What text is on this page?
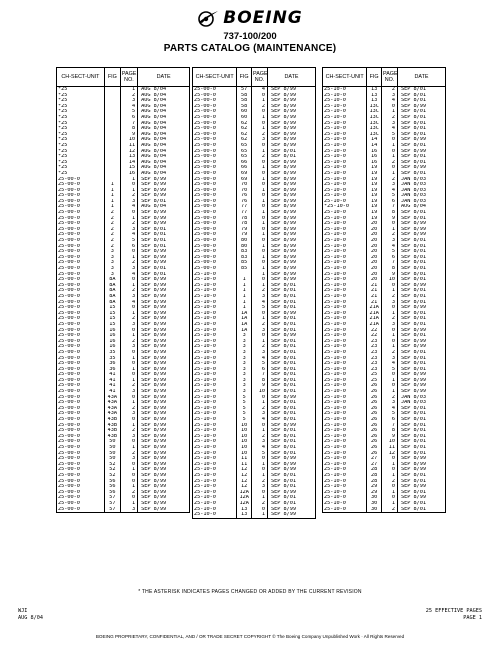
BOEING
737-100/200
PARTS CATALOG (MAINTENANCE)
CH-SECT-UNIT	FIG	PAGE NO.	DATE
*25		1	AUG 8/04
*25		2	AUG 8/04
*25		3	AUG 8/04
*25		4	AUG 8/04
*25		5	AUG 8/04
*25		6	AUG 8/04
*25		7	AUG 8/04
*25		8	AUG 8/04
*25		9	AUG 8/04
*25		10	AUG 8/04
*25		11	AUG 8/04
*25		12	AUG 8/04
*25		13	AUG 8/04
*25		14	AUG 8/04
*25		15	AUG 8/04
*25		16	AUG 8/04
25-00-0		1	SEP 8/99
25-00-0	1	0	SEP 8/99
25-00-0	1	1	SEP 8/99
25-00-0	1	2	SEP 8/99
25-00-0	1	3	SEP 8/01
25-00-0	1	4	AUG 8/04
25-00-0	2	0	SEP 8/99
25-00-0	2	1	SEP 8/99
25-00-0	2	2	SEP 8/99
25-00-0	2	3	SEP 8/01
25-00-0	2	4	SEP 8/01
25-00-0	2	5	SEP 8/01
25-00-0	2	6	SEP 8/01
25-00-0	3	0	SEP 8/99
25-00-0	3	1	SEP 8/99
25-00-0	3	2	SEP 8/99
25-00-0	3	3	SEP 8/01
25-00-0	3	4	SEP 8/01
25-00-0	8A	0	SEP 8/99
25-00-0	8A	1	SEP 8/99
25-00-0	8A	2	SEP 8/99
25-00-0	8A	3	SEP 8/99
25-00-0	8A	4	SEP 8/99
25-00-0	15	0	SEP 8/99
25-00-0	15	1	SEP 8/99
25-00-0	15	2	SEP 8/99
25-00-0	15	3	SEP 8/99
25-00-0	16	0	SEP 8/99
25-00-0	16	1	SEP 8/99
25-00-0	16	2	SEP 8/99
25-00-0	16	3	SEP 8/99
25-00-0	35	0	SEP 8/99
25-00-0	35	1	SEP 8/99
25-00-0	36	0	SEP 8/99
25-00-0	36	1	SEP 8/99
25-00-0	41	0	SEP 8/99
25-00-0	41	1	SEP 8/99
25-00-0	41	2	SEP 8/99
25-00-0	41	3	SEP 8/99
25-00-0	43A	0	SEP 8/99
25-00-0	43A	1	SEP 8/99
25-00-0	43A	2	SEP 8/99
25-00-0	43A	3	SEP 8/99
25-00-0	43B	0	SEP 8/99
25-00-0	43B	1	SEP 8/99
25-00-0	43B	2	SEP 8/99
25-00-0	43B	3	SEP 8/99
25-00-0	50	0	SEP 8/99
25-00-0	50	1	SEP 8/99
25-00-0	50	2	SEP 8/99
25-00-0	50	3	SEP 8/99
25-00-0	52	0	SEP 8/99
25-00-0	52	1	SEP 8/99
25-00-0	52	0	SEP 8/99
25-00-0	56	0	SEP 8/99
25-00-0	56	1	SEP 8/99
25-00-0	56	2	SEP 8/99
25-00-0	57	0	SEP 8/99
25-00-0	57	1	SEP 8/99
25-00-0	57	3	SEP 8/99
CH-SECT-UNIT	FIG	PAGE NO.	DATE
25-00-0	57	4	SEP 8/99
25-00-0	58	0	SEP 8/99
25-00-0	58	1	SEP 8/99
25-00-0	58	2	SEP 8/99
25-00-0	60	0	SEP 8/99
25-00-0	60	1	SEP 8/99
25-00-0	62	0	SEP 8/99
25-00-0	62	1	SEP 8/99
25-00-0	62	2	SEP 8/99
25-00-0	62	3	SEP 8/99
25-00-0	65	0	SEP 8/99
25-00-0	65	1	SEP 8/01
25-00-0	65	2	SEP 8/01
25-00-0	66	0	SEP 8/99
25-00-0	66	1	SEP 8/99
25-00-0	69	0	SEP 8/99
25-00-0	69	1	SEP 8/99
25-00-0	70	0	SEP 8/99
25-00-0	70	1	SEP 8/99
25-00-0	76	0	SEP 8/99
25-00-0	76	1	SEP 8/99
25-00-0	77	0	SEP 8/99
25-00-0	77	1	SEP 8/99
25-00-0	78	0	SEP 8/99
25-00-0	78	1	SEP 8/99
25-00-0	79	0	SEP 8/99
25-00-0	79	1	SEP 8/99
25-00-0	80	0	SEP 8/99
25-00-0	80	1	SEP 8/99
25-00-0	83	0	SEP 8/99
25-00-0	83	1	SEP 8/99
25-00-0	85	0	SEP 8/99
25-00-0	85	1	SEP 8/99
25-10-0		1	SEP 8/99
25-10-0	1	0	SEP 8/99
25-10-0	1	1	SEP 8/01
25-10-0	1	2	SEP 8/01
25-10-0	1	3	SEP 8/01
25-10-0	1	4	SEP 8/01
25-10-0	1	5	SEP 8/01
25-10-0	1A	0	SEP 8/99
25-10-0	1A	1	SEP 8/01
25-10-0	1A	2	SEP 8/01
25-10-0	1A	3	SEP 8/01
25-10-0	3	0	SEP 8/99
25-10-0	3	1	SEP 8/01
25-10-0	3	2	SEP 8/01
25-10-0	3	3	SEP 8/01
25-10-0	3	4	SEP 8/01
25-10-0	3	5	SEP 8/01
25-10-0	3	6	SEP 8/01
25-10-0	3	7	SEP 8/01
25-10-0	3	8	SEP 8/01
25-10-0	3	9	SEP 8/01
25-10-0	3	10	SEP 8/01
25-10-0	5	0	SEP 8/99
25-10-0	5	1	SEP 8/01
25-10-0	5	2	SEP 8/01
25-10-0	5	3	SEP 8/01
25-10-0	5	4	SEP 8/01
25-10-0	10	0	SEP 8/99
25-10-0	10	1	SEP 8/01
25-10-0	10	2	SEP 8/01
25-10-0	10	3	SEP 8/01
25-10-0	10	4	SEP 8/01
25-10-0	10	5	SEP 8/01
25-10-0	11	0	SEP 8/99
25-10-0	11	1	SEP 8/99
25-10-0	12	0	SEP 8/99
25-10-0	12	1	SEP 8/01
25-10-0	12	2	SEP 8/01
25-10-0	12	3	SEP 8/01
25-10-0	12A	0	SEP 8/99
25-10-0	12A	1	SEP 8/01
25-10-0	12A	2	SEP 8/01
25-10-0	13	0	SEP 8/99
25-10-0	13	1	SEP 8/99
CH-SECT-UNIT	FIG	PAGE NO.	DATE
25-10-0	13	2	SEP 8/01
25-10-0	13	3	SEP 8/01
25-10-0	13	4	SEP 8/01
25-10-0	13C	0	SEP 8/99
25-10-0	13C	1	SEP 8/01
25-10-0	13C	2	SEP 8/01
25-10-0	13C	3	SEP 8/01
25-10-0	13C	4	SEP 8/01
25-10-0	13C	5	SEP 8/01
25-10-0	14	0	SEP 8/99
25-10-0	14	1	SEP 8/01
25-10-0	16	0	SEP 8/99
25-10-0	16	1	SEP 8/01
25-10-0	16	2	SEP 8/01
25-10-0	19	0	SEP 8/99
25-10-0	19	1	SEP 8/01
25-10-0	19	2	JAN 8/03
25-10-0	19	3	JAN 8/03
25-10-0	19	4	JAN 8/03
25-10-0	19	5	JAN 8/03
25-10-0	19	6	JAN 8/03
*25-10-0	19	7	AUG 8/04
25-10-0	19	8	SEP 8/01
25-10-0	19	9	SEP 8/01
25-10-0	20	0	SEP 8/99
25-10-0	20	1	SEP 8/99
25-10-0	20	2	SEP 8/99
25-10-0	20	3	SEP 8/01
25-10-0	20	4	SEP 8/01
25-10-0	20	5	SEP 8/01
25-10-0	20	6	SEP 8/01
25-10-0	20	7	SEP 8/01
25-10-0	20	8	SEP 8/01
25-10-0	20	9	SEP 8/01
25-10-0	20	10	SEP 8/01
25-10-0	21	0	SEP 8/99
25-10-0	21	1	SEP 8/01
25-10-0	21	2	SEP 8/01
25-10-0	21	3	SEP 8/01
25-10-0	21A	0	SEP 8/99
25-10-0	21A	1	SEP 8/01
25-10-0	21A	2	SEP 8/01
25-10-0	21A	3	SEP 8/01
25-10-0	22	0	SEP 8/99
25-10-0	22	1	SEP 8/01
25-10-0	23	0	SEP 8/99
25-10-0	23	1	SEP 8/99
25-10-0	23	2	SEP 8/01
25-10-0	23	3	SEP 8/01
25-10-0	23	4	SEP 8/01
25-10-0	23	5	SEP 8/01
25-10-0	25	0	SEP 8/99
25-10-0	25	1	SEP 8/99
25-10-0	26	0	SEP 8/99
25-10-0	26	1	SEP 8/99
25-10-0	26	2	JAN 8/03
25-10-0	26	3	JAN 8/03
25-10-0	26	4	SEP 8/01
25-10-0	26	5	SEP 8/01
25-10-0	26	6	SEP 8/01
25-10-0	26	7	SEP 8/01
25-10-0	26	8	SEP 8/01
25-10-0	26	9	SEP 8/01
25-10-0	26	10	SEP 8/01
25-10-0	26	11	SEP 8/01
25-10-0	26	12	SEP 8/01
25-10-0	27	0	SEP 8/99
25-10-0	27	1	SEP 8/99
25-10-0	28	0	SEP 8/99
25-10-0	28	1	SEP 8/01
25-10-0	28	2	SEP 8/01
25-10-0	29	0	SEP 8/99
25-10-0	29	1	SEP 8/01
25-10-0	30	0	SEP 8/99
25-10-0	30	1	SEP 8/01
25-10-0	30	2	SEP 8/01
* THE ASTERISK INDICATES PAGES CHANGED OR ADDED BY THE CURRENT REVISION
WJI
AUG 8/04
25 EFFECTIVE PAGES
PAGE 1
BOEING PROPRIETARY, CONFIDENTIAL, AND / OR TRADE SECRET COPYRIGHT © The Boeing Company Unpublished Work · All Rights Reserved
